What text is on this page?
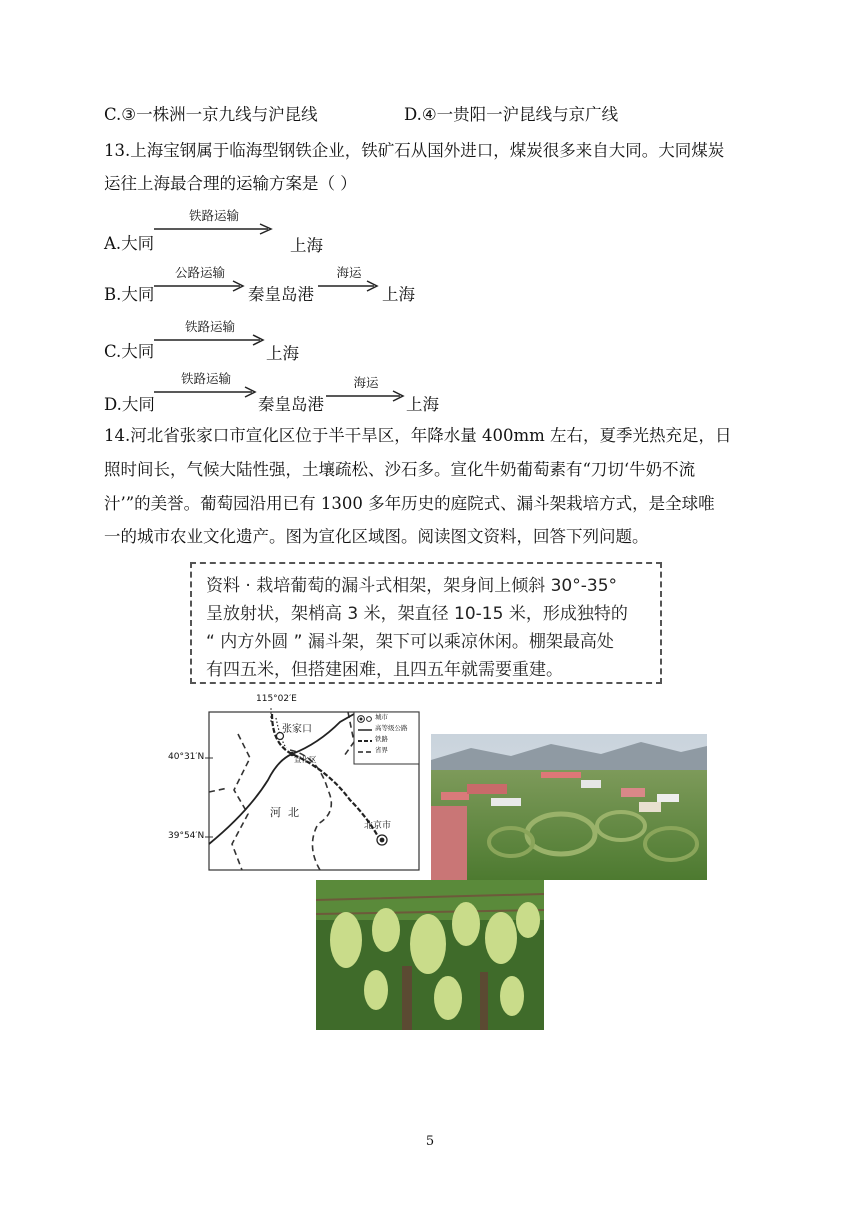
C.③一株洲一京九线与沪昆线	D.④一贵阳一沪昆线与京广线
13.上海宝钢属于临海型钢铁企业，铁矿石从国外进口，煤炭很多来自大同。大同煤炭
运往上海最合理的运输方案是（ ）
A.大同
铁路运输
上海
B.大同
公路运输
秦皇岛港
海运
上海
C.大同
铁路运输
上海
D.大同
铁路运输
秦皇岛港
海运
上海
14.河北省张家口市宣化区位于半干旱区，年降水量 400mm 左右，夏季光热充足，日
照时间长，气候大陆性强，土壤疏松、沙石多。宣化牛奶葡萄素有“刀切‘牛奶不流
汁’”的美誉。葡萄园沿用已有 1300 多年历史的庭院式、漏斗架栽培方式，是全球唯
一的城市农业文化遗产。图为宣化区域图。阅读图文资料，回答下列问题。
资料 · 栽培葡萄的漏斗式相架，架身间上倾斜 30°-35°
呈放射状，架梢高 3 米，架直径 10-15 米，形成独特的
“ 内方外圆 ” 漏斗架，架下可以乘凉休闲。棚架最高处
有四五米，但搭建困难，且四五年就需要重建。
115°02′E
40°31′N
39°54′N
张家口
宣化区
河  北
北京市
城市
高等级公路
铁路
省界
5
